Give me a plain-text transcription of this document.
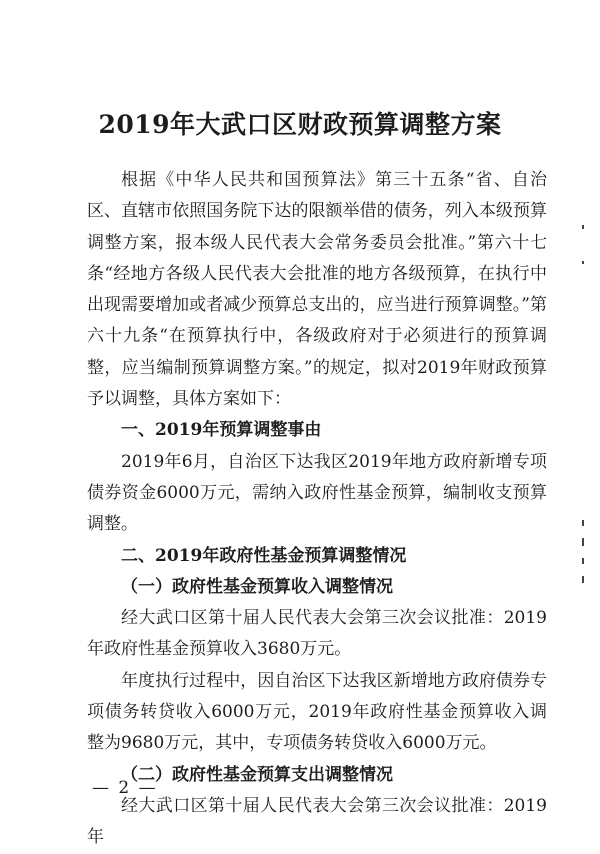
2019年大武口区财政预算调整方案

根据《中华人民共和国预算法》第三十五条“省、自治区、直辖市依照国务院下达的限额举借的债务，列入本级预算调整方案，报本级人民代表大会常务委员会批准。”第六十七条“经地方各级人民代表大会批准的地方各级预算，在执行中出现需要增加或者减少预算总支出的，应当进行预算调整。”第六十九条“在预算执行中，各级政府对于必须进行的预算调整，应当编制预算调整方案。”的规定，拟对2019年财政预算予以调整，具体方案如下：

一、2019年预算调整事由

2019年6月，自治区下达我区2019年地方政府新增专项债券资金6000万元，需纳入政府性基金预算，编制收支预算调整。

二、2019年政府性基金预算调整情况

（一）政府性基金预算收入调整情况

经大武口区第十届人民代表大会第三次会议批准：2019年政府性基金预算收入3680万元。

年度执行过程中，因自治区下达我区新增地方政府债券专项债务转贷收入6000万元，2019年政府性基金预算收入调整为9680万元，其中，专项债务转贷收入6000万元。

（二）政府性基金预算支出调整情况

经大武口区第十届人民代表大会第三次会议批准：2019年

— 2 —
